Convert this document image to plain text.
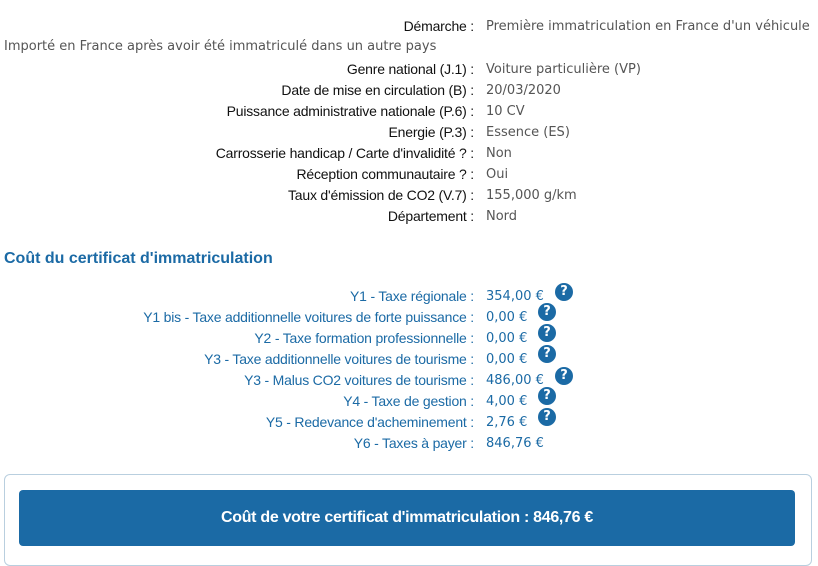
Démarche : Première immatriculation en France d'un véhicule
Importé en France après avoir été immatriculé dans un autre pays
Genre national (J.1) : Voiture particulière (VP)
Date de mise en circulation (B) : 20/03/2020
Puissance administrative nationale (P.6) : 10 CV
Energie (P.3) : Essence (ES)
Carrosserie handicap / Carte d'invalidité ? : Non
Réception communautaire ? : Oui
Taux d'émission de CO2 (V.7) : 155,000 g/km
Département : Nord
Coût du certificat d'immatriculation
Y1 - Taxe régionale : 354,00 €	?
Y1 bis - Taxe additionnelle voitures de forte puissance : 0,00 €	?
Y2 - Taxe formation professionnelle : 0,00 €	?
Y3 - Taxe additionnelle voitures de tourisme : 0,00 €	?
Y3 - Malus CO2 voitures de tourisme : 486,00 €	?
Y4 - Taxe de gestion : 4,00 €	?
Y5 - Redevance d'acheminement : 2,76 €	?
Y6 - Taxes à payer : 846,76 €
Coût de votre certificat d'immatriculation : 846,76 €
